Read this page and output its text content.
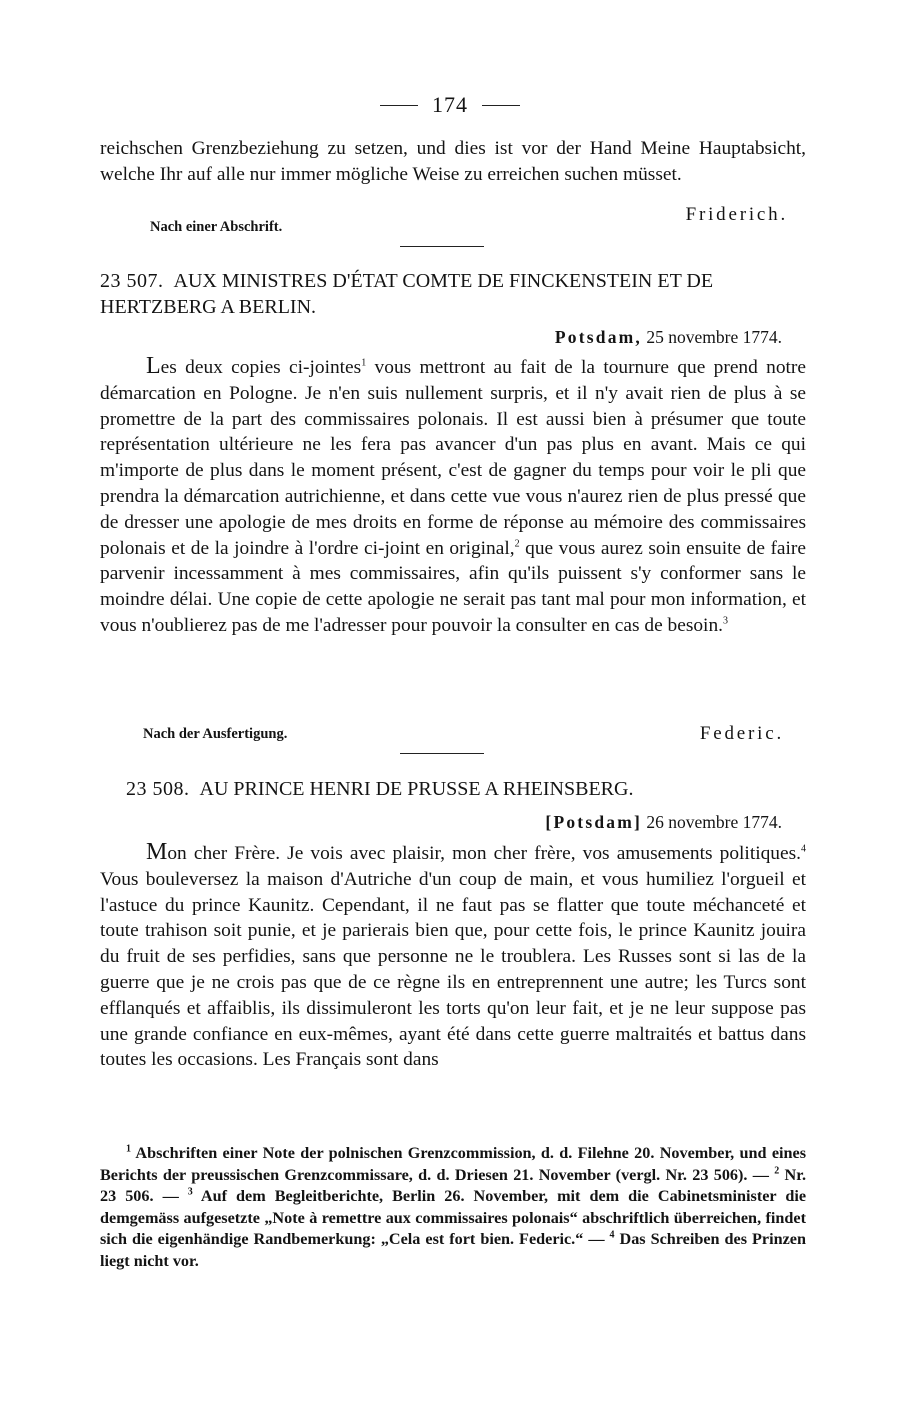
174

reichschen Grenzbeziehung zu setzen, und dies ist vor der Hand Meine Hauptabsicht, welche Ihr auf alle nur immer mögliche Weise zu erreichen suchen müsset.

Nach einer Abschrift.
Friderich.
23 507. AUX MINISTRES D'ÉTAT COMTE DE FINCKENSTEIN ET DE HERTZBERG A BERLIN.
Potsdam, 25 novembre 1774.

Les deux copies ci-jointes$^1$ vous mettront au fait de la tournure que prend notre démarcation en Pologne. Je n'en suis nullement surpris, et il n'y avait rien de plus à se promettre de la part des commissaires polonais. Il est aussi bien à présumer que toute représentation ultérieure ne les fera pas avancer d'un pas plus en avant. Mais ce qui m'importe de plus dans le moment présent, c'est de gagner du temps pour voir le pli que prendra la démarcation autrichienne, et dans cette vue vous n'aurez rien de plus pressé que de dresser une apologie de mes droits en forme de réponse au mémoire des commissaires polonais et de la joindre à l'ordre ci-joint en original,$^2$ que vous aurez soin ensuite de faire parvenir incessamment à mes commissaires, afin qu'ils puissent s'y conformer sans le moindre délai. Une copie de cette apologie ne serait pas tant mal pour mon information, et vous n'oublierez pas de me l'adresser pour pouvoir la consulter en cas de besoin.$^3$

Nach der Ausfertigung.	Federic.
23 508. AU PRINCE HENRI DE PRUSSE A RHEINSBERG.
[Potsdam] 26 novembre 1774.

Mon cher Frère. Je vois avec plaisir, mon cher frère, vos amusements politiques.$^4$ Vous bouleversez la maison d'Autriche d'un coup de main, et vous humiliez l'orgueil et l'astuce du prince Kaunitz. Cependant, il ne faut pas se flatter que toute méchanceté et toute trahison soit punie, et je parierais bien que, pour cette fois, le prince Kaunitz jouira du fruit de ses perfidies, sans que personne ne le troublera. Les Russes sont si las de la guerre que je ne crois pas que de ce règne ils en entreprennent une autre; les Turcs sont efflanqués et affaiblis, ils dissimuleront les torts qu'on leur fait, et je ne leur suppose pas une grande confiance en eux-mêmes, ayant été dans cette guerre maltraités et battus dans toutes les occasions. Les Français sont dans

$^1$ Abschriften einer Note der polnischen Grenzcommission, d. d. Filehne 20. November, und eines Berichts der preussischen Grenzcommissare, d. d. Driesen 21. November (vergl. Nr. 23 506). — $^2$ Nr. 23 506. — $^3$ Auf dem Begleitberichte, Berlin 26. November, mit dem die Cabinetsminister die demgemäss aufgesetzte „Note à remettre aux commissaires polonais“ abschriftlich überreichen, findet sich die eigenhändige Randbemerkung: „Cela est fort bien. Federic.“ — $^4$ Das Schreiben des Prinzen liegt nicht vor.
